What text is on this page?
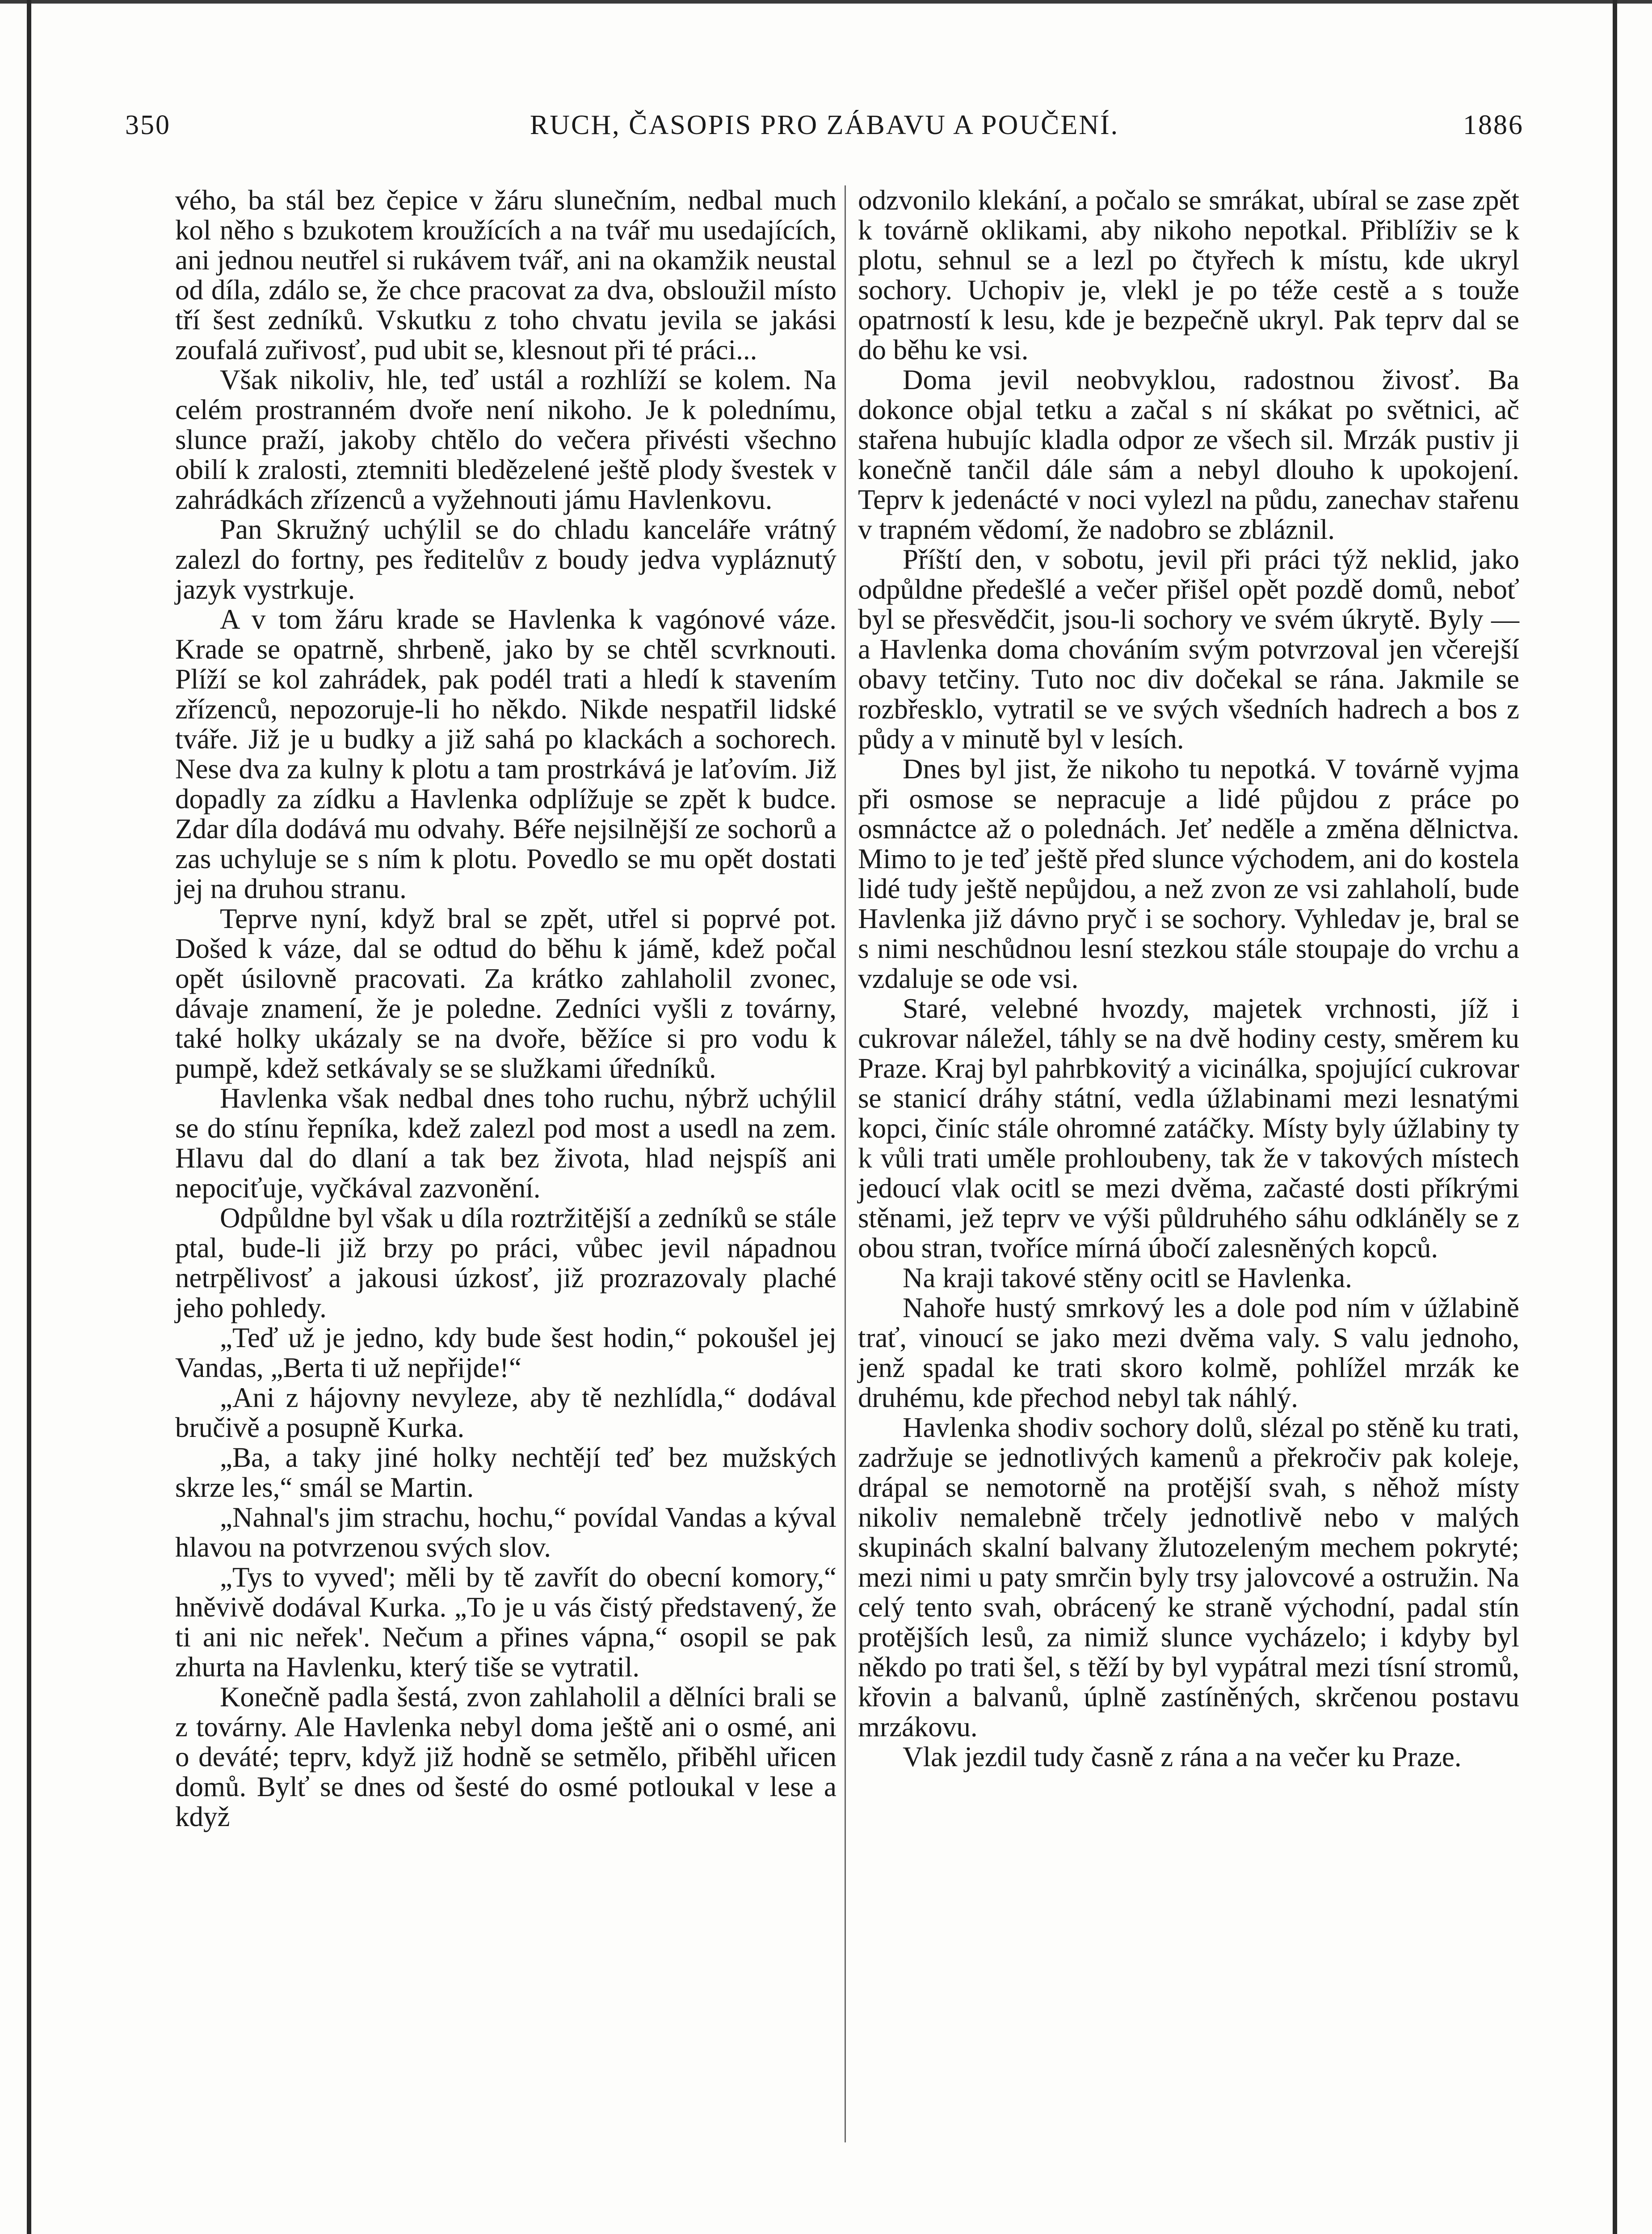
350	RUCH, ČASOPIS PRO ZÁBAVU A POUČENÍ.	1886

vého, ba stál bez čepice v žáru slunečním, nedbal much kol něho s bzukotem kroužících a na tvář mu usedajících, ani jednou neutřel si rukávem tvář, ani na okamžik neustal od díla, zdálo se, že chce pracovat za dva, obsloužil místo tří šest zedníků. Vskutku z toho chvatu jevila se jakási zoufalá zuřivosť, pud ubit se, klesnout při té práci...

Však nikoliv, hle, teď ustál a rozhlíží se kolem. Na celém prostranném dvoře není nikoho. Je k polednímu, slunce praží, jakoby chtělo do večera přivésti všechno obilí k zralosti, ztemniti bledězelené ještě plody švestek v zahrádkách zřízenců a vyžehnouti jámu Havlenkovu.

Pan Skružný uchýlil se do chladu kanceláře vrátný zalezl do fortny, pes ředitelův z boudy jedva vypláznutý jazyk vystrkuje.

A v tom žáru krade se Havlenka k vagónové váze. Krade se opatrně, shrbeně, jako by se chtěl scvrknouti. Plíží se kol zahrádek, pak podél trati a hledí k stavením zřízenců, nepozoruje-li ho někdo. Nikde nespatřil lidské tváře. Již je u budky a již sahá po klackách a sochorech. Nese dva za kulny k plotu a tam prostrkává je laťovím. Již dopadly za zídku a Havlenka odplížuje se zpět k budce. Zdar díla dodává mu odvahy. Béře nejsilnější ze sochorů a zas uchyluje se s ním k plotu. Povedlo se mu opět dostati jej na druhou stranu.

Teprve nyní, když bral se zpět, utřel si poprvé pot. Došed k váze, dal se odtud do běhu k jámě, kdež počal opět úsilovně pracovati. Za krátko zahlaholil zvonec, dávaje znamení, že je poledne. Zedníci vyšli z továrny, také holky ukázaly se na dvoře, běžíce si pro vodu k pumpě, kdež setkávaly se se služkami úředníků.

Havlenka však nedbal dnes toho ruchu, nýbrž uchýlil se do stínu řepníka, kdež zalezl pod most a usedl na zem. Hlavu dal do dlaní a tak bez života, hlad nejspíš ani nepociťuje, vyčkával zazvonění.

Odpůldne byl však u díla roztržitější a zedníků se stále ptal, bude-li již brzy po práci, vůbec jevil nápadnou netrpělivosť a jakousi úzkosť, již prozrazovaly plaché jeho pohledy.

„Teď už je jedno, kdy bude šest hodin,“ pokoušel jej Vandas, „Berta ti už nepřijde!“

„Ani z hájovny nevyleze, aby tě nezhlídla,“ dodával bručivě a posupně Kurka.

„Ba, a taky jiné holky nechtějí teď bez mužských skrze les,“ smál se Martin.

„Nahnal's jim strachu, hochu,“ povídal Vandas a kýval hlavou na potvrzenou svých slov.

„Tys to vyved'; měli by tě zavřít do obecní komory,“ hněvivě dodával Kurka. „To je u vás čistý představený, že ti ani nic neřek'. Nečum a přines vápna,“ osopil se pak zhurta na Havlenku, který tiše se vytratil.

Konečně padla šestá, zvon zahlaholil a dělníci brali se z továrny. Ale Havlenka nebyl doma ještě ani o osmé, ani o deváté; teprv, když již hodně se setmělo, přiběhl uřicen domů. Bylť se dnes od šesté do osmé potloukal v lese a když

odzvonilo klekání, a počalo se smrákat, ubíral se zase zpět k továrně oklikami, aby nikoho nepotkal. Přiblíživ se k plotu, sehnul se a lezl po čtyřech k místu, kde ukryl sochory. Uchopiv je, vlekl je po téže cestě a s touže opatrností k lesu, kde je bezpečně ukryl. Pak teprv dal se do běhu ke vsi.

Doma jevil neobvyklou, radostnou živosť. Ba dokonce objal tetku a začal s ní skákat po světnici, ač stařena hubujíc kladla odpor ze všech sil. Mrzák pustiv ji konečně tančil dále sám a nebyl dlouho k upokojení. Teprv k jedenácté v noci vylezl na půdu, zanechav stařenu v trapném vědomí, že nadobro se zbláznil.

Příští den, v sobotu, jevil při práci týž neklid, jako odpůldne předešlé a večer přišel opět pozdě domů, neboť byl se přesvědčit, jsou-li sochory ve svém úkrytě. Byly — a Havlenka doma chováním svým potvrzoval jen včerejší obavy tetčiny. Tuto noc div dočekal se rána. Jakmile se rozbřesklo, vytratil se ve svých všedních hadrech a bos z půdy a v minutě byl v lesích.

Dnes byl jist, že nikoho tu nepotká. V továrně vyjma při osmose se nepracuje a lidé půjdou z práce po osmnáctce až o polednách. Jeť neděle a změna dělnictva. Mimo to je teď ještě před slunce východem, ani do kostela lidé tudy ještě nepůjdou, a než zvon ze vsi zahlaholí, bude Havlenka již dávno pryč i se sochory. Vyhledav je, bral se s nimi neschůdnou lesní stezkou stále stoupaje do vrchu a vzdaluje se ode vsi.

Staré, velebné hvozdy, majetek vrchnosti, jíž i cukrovar náležel, táhly se na dvě hodiny cesty, směrem ku Praze. Kraj byl pahrbkovitý a vicinálka, spojující cukrovar se stanicí dráhy státní, vedla úžlabinami mezi lesnatými kopci, činíc stále ohromné zatáčky. Místy byly úžlabiny ty k vůli trati uměle prohloubeny, tak že v takových místech jedoucí vlak ocitl se mezi dvěma, začasté dosti příkrými stěnami, jež teprv ve výši půldruhého sáhu odkláněly se z obou stran, tvoříce mírná úbočí zalesněných kopců.

Na kraji takové stěny ocitl se Havlenka.

Nahoře hustý smrkový les a dole pod ním v úžlabině trať, vinoucí se jako mezi dvěma valy. S valu jednoho, jenž spadal ke trati skoro kolmě, pohlížel mrzák ke druhému, kde přechod nebyl tak náhlý.

Havlenka shodiv sochory dolů, slézal po stěně ku trati, zadržuje se jednotlivých kamenů a překročiv pak koleje, drápal se nemotorně na protější svah, s něhož místy nikoliv nemalebně trčely jednotlivě nebo v malých skupinách skalní balvany žlutozeleným mechem pokryté; mezi nimi u paty smrčin byly trsy jalovcové a ostružin. Na celý tento svah, obrácený ke straně východní, padal stín protějších lesů, za nimiž slunce vycházelo; i kdyby byl někdo po trati šel, s těží by byl vypátral mezi tísní stromů, křovin a balvanů, úplně zastíněných, skrčenou postavu mrzákovu.

Vlak jezdil tudy časně z rána a na večer ku Praze.
